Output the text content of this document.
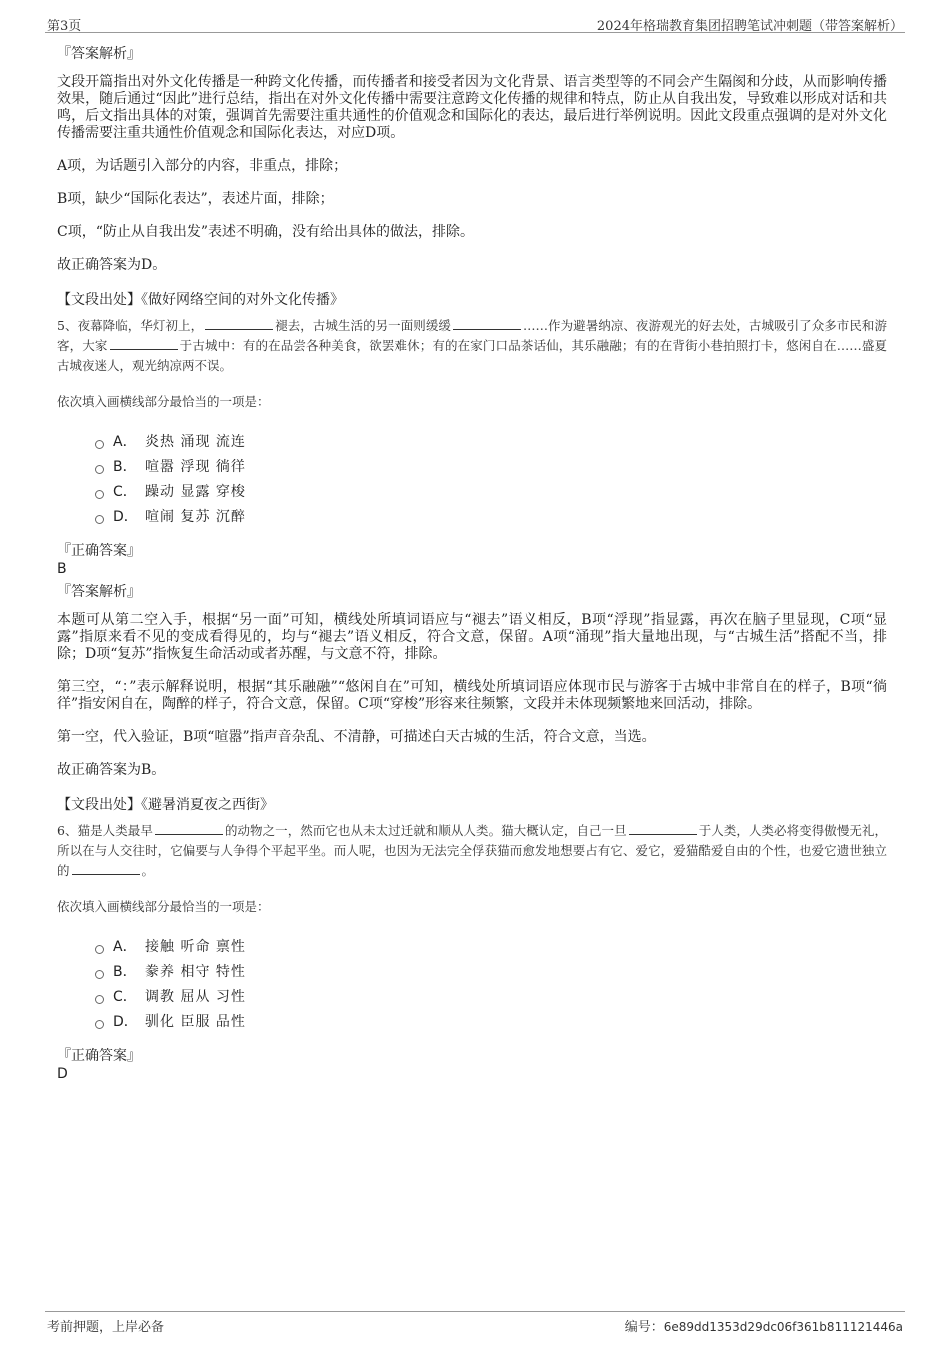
第3页	2024年格瑞教育集团招聘笔试冲刺题（带答案解析）
『答案解析』

文段开篇指出对外文化传播是一种跨文化传播，而传播者和接受者因为文化背景、语言类型等的不同会产生隔阂和分歧，从而影响传播效果，随后通过“因此”进行总结，指出在对外文化传播中需要注意跨文化传播的规律和特点，防止从自我出发，导致难以形成对话和共鸣，后文指出具体的对策，强调首先需要注重共通性的价值观念和国际化的表达，最后进行举例说明。因此文段重点强调的是对外文化传播需要注重共通性价值观念和国际化表达，对应D项。

A项，为话题引入部分的内容，非重点，排除；

B项，缺少“国际化表达”，表述片面，排除；

C项，“防止从自我出发”表述不明确，没有给出具体的做法，排除。

故正确答案为D。

【文段出处】《做好网络空间的对外文化传播》

5、夜幕降临，华灯初上，	褪去，古城生活的另一面则缓缓	……作为避暑纳凉、夜游观光的好去处，古城吸引了众多市民和游客，大家	于古城中：有的在品尝各种美食，欲罢难休；有的在家门口品茶话仙，其乐融融；有的在背街小巷拍照打卡，悠闲自在……盛夏古城夜迷人，观光纳凉两不误。

依次填入画横线部分最恰当的一项是：
A． 炎热 涌现 流连
B． 喧嚣 浮现 徜徉
C． 躁动 显露 穿梭
D． 喧闹 复苏 沉醉
『正确答案』
B
『答案解析』

本题可从第二空入手，根据“另一面”可知，横线处所填词语应与“褪去”语义相反，B项“浮现”指显露，再次在脑子里显现，C项“显露”指原来看不见的变成看得见的，均与“褪去”语义相反，符合文意，保留。A项“涌现”指大量地出现，与“古城生活”搭配不当，排除；D项“复苏”指恢复生命活动或者苏醒，与文意不符，排除。

第三空，“：”表示解释说明，根据“其乐融融”“悠闲自在”可知，横线处所填词语应体现市民与游客于古城中非常自在的样子，B项“徜徉”指安闲自在，陶醉的样子，符合文意，保留。C项“穿梭”形容来往频繁，文段并未体现频繁地来回活动，排除。

第一空，代入验证，B项“喧嚣”指声音杂乱、不清静，可描述白天古城的生活，符合文意，当选。

故正确答案为B。

【文段出处】《避暑消夏夜之西街》

6、猫是人类最早	的动物之一，然而它也从未太过迁就和顺从人类。猫大概认定，自己一旦	于人类，人类必将变得傲慢无礼，所以在与人交往时，它偏要与人争得个平起平坐。而人呢，也因为无法完全俘获猫而愈发地想要占有它、爱它，爱猫酷爱自由的个性，也爱它遗世独立的	。

依次填入画横线部分最恰当的一项是：
A． 接触 听命 禀性
B． 豢养 相守 特性
C． 调教 屈从 习性
D． 驯化 臣服 品性
『正确答案』
D
考前押题，上岸必备	编号：6e89dd1353d29dc06f361b811121446a
